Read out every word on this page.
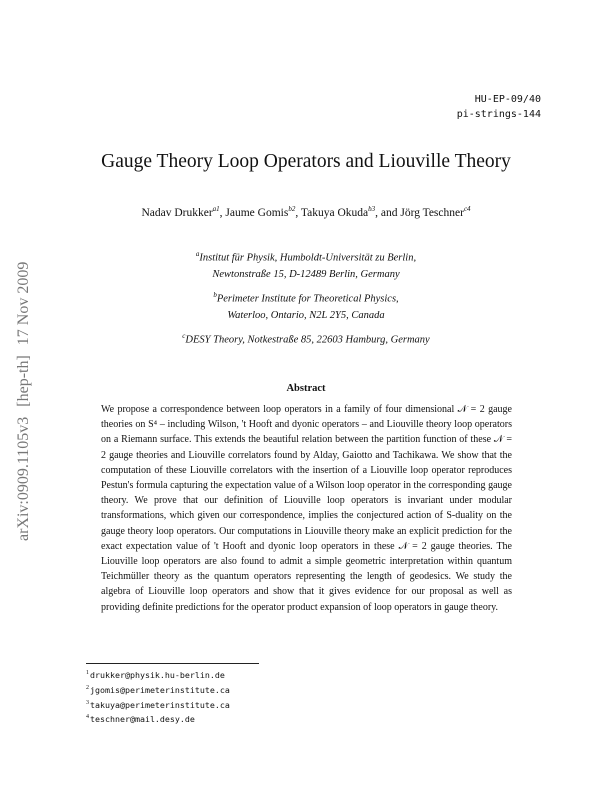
HU-EP-09/40
pi-strings-144
arXiv:0909.1105v3 [hep-th] 17 Nov 2009
Gauge Theory Loop Operators and Liouville Theory
Nadav Drukker$^{a1}$, Jaume Gomis$^{b2}$, Takuya Okuda$^{b3}$, and Jörg Teschner$^{c4}$
$^a$Institut für Physik, Humboldt-Universität zu Berlin,
Newtonstraße 15, D-12489 Berlin, Germany
$^b$Perimeter Institute for Theoretical Physics,
Waterloo, Ontario, N2L 2Y5, Canada
$^c$DESY Theory, Notkestraße 85, 22603 Hamburg, Germany
Abstract
We propose a correspondence between loop operators in a family of four dimensional 𝒩 = 2 gauge theories on S⁴ – including Wilson, 't Hooft and dyonic operators – and Liouville theory loop operators on a Riemann surface. This extends the beautiful relation between the partition function of these 𝒩 = 2 gauge theories and Liouville correlators found by Alday, Gaiotto and Tachikawa. We show that the computation of these Liouville correlators with the insertion of a Liouville loop operator reproduces Pestun's formula capturing the expectation value of a Wilson loop operator in the corresponding gauge theory. We prove that our definition of Liouville loop operators is invariant under modular transformations, which given our correspondence, implies the conjectured action of S-duality on the gauge theory loop operators. Our computations in Liouville theory make an explicit prediction for the exact expectation value of 't Hooft and dyonic loop operators in these 𝒩 = 2 gauge theories. The Liouville loop operators are also found to admit a simple geometric interpretation within quantum Teichmüller theory as the quantum operators representing the length of geodesics. We study the algebra of Liouville loop operators and show that it gives evidence for our proposal as well as providing definite predictions for the operator product expansion of loop operators in gauge theory.
$^1$drukker@physik.hu-berlin.de
$^2$jgomis@perimeterinstitute.ca
$^3$takuya@perimeterinstitute.ca
$^4$teschner@mail.desy.de
